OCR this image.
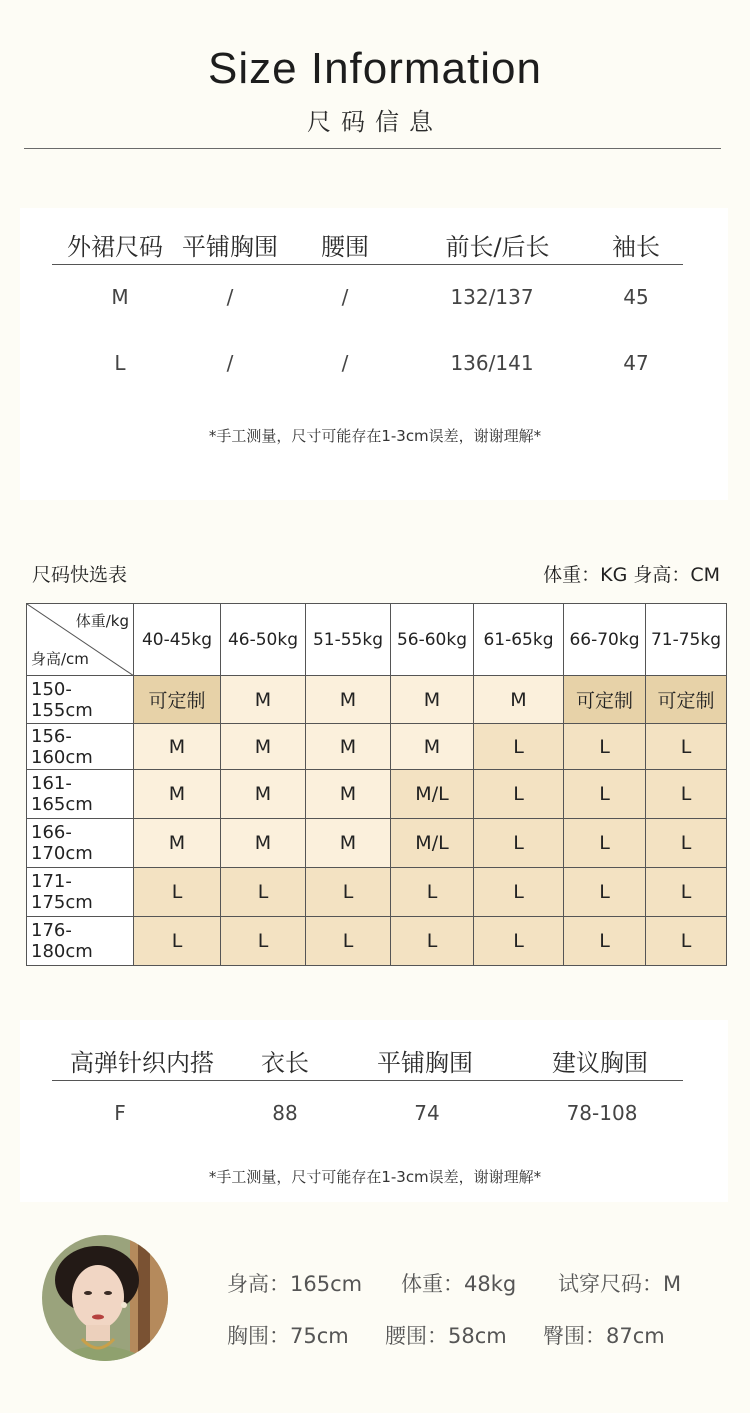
Size Information
尺码信息
外裙尺码 平铺胸围	腰围	前长/后长	袖长
M	/	/	132/137	45
L	/	/	136/141	47
*手工测量，尺寸可能存在1-3cm误差，谢谢理解*
尺码快选表	体重：KG 身高：CM
体重/kg
身高/cm	40-45kg	46-50kg	51-55kg	56-60kg	61-65kg	66-70kg	71-75kg
150-155cm	可定制	M	M	M	M	可定制	可定制
156-160cm	M	M	M	M	L	L	L
161-165cm	M	M	M	M/L	L	L	L
166-170cm	M	M	M	M/L	L	L	L
171-175cm	L	L	L	L	L	L	L
176-180cm	L	L	L	L	L	L	L
高弹针织内搭	衣长	平铺胸围	建议胸围
F	88	74	78-108
*手工测量，尺寸可能存在1-3cm误差，谢谢理解*
身高：165cm 体重：48kg 试穿尺码：M
胸围：75cm 腰围：58cm 臀围：87cm
